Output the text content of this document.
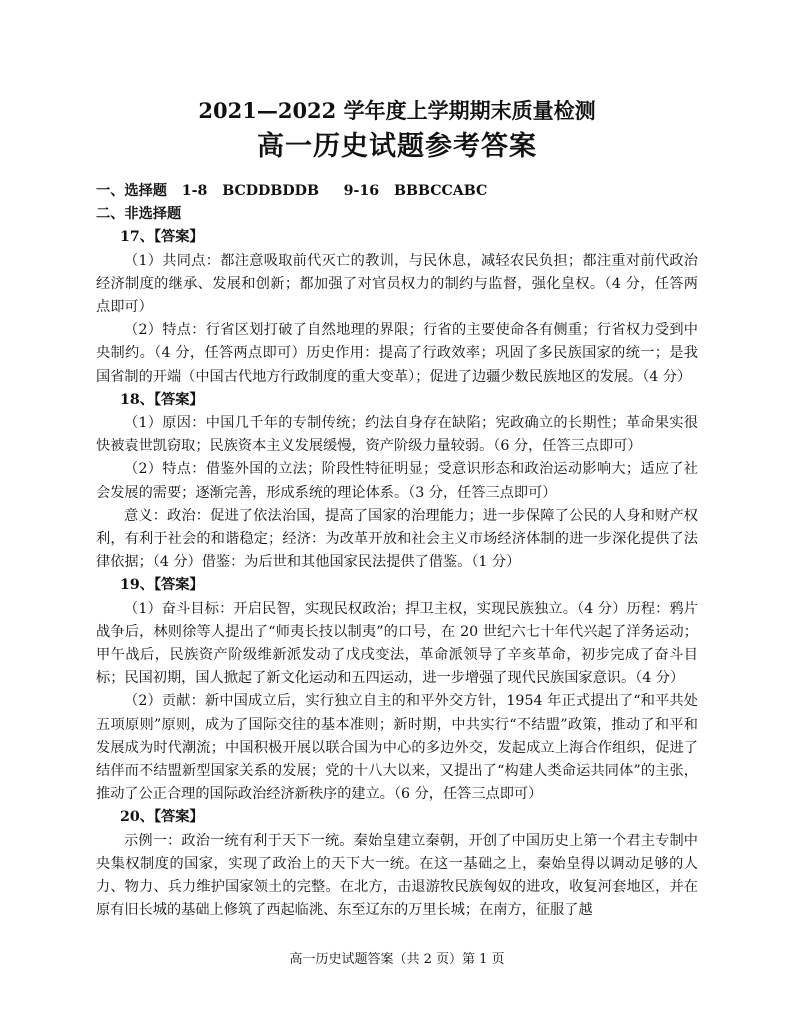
2021—2022 学年度上学期期末质量检测
高一历史试题参考答案

一、选择题   1-8   BCDDBDDB     9-16   BBBCCABC

二、非选择题

17、【答案】

（1）共同点：都注意吸取前代灭亡的教训，与民休息，减轻农民负担；都注重对前代政治经济制度的继承、发展和创新；都加强了对官员权力的制约与监督，强化皇权。（4 分，任答两点即可）

（2）特点：行省区划打破了自然地理的界限；行省的主要使命各有侧重；行省权力受到中央制约。（4 分，任答两点即可）历史作用：提高了行政效率；巩固了多民族国家的统一；是我国省制的开端（中国古代地方行政制度的重大变革）；促进了边疆少数民族地区的发展。（4 分）

18、【答案】

（1）原因：中国几千年的专制传统；约法自身存在缺陷；宪政确立的长期性；革命果实很快被袁世凯窃取；民族资本主义发展缓慢，资产阶级力量较弱。（6 分，任答三点即可）

（2）特点：借鉴外国的立法；阶段性特征明显；受意识形态和政治运动影响大；适应了社会发展的需要；逐渐完善，形成系统的理论体系。（3 分，任答三点即可）

意义：政治：促进了依法治国，提高了国家的治理能力；进一步保障了公民的人身和财产权利，有利于社会的和谐稳定；经济：为改革开放和社会主义市场经济体制的进一步深化提供了法律依据；（4 分）借鉴：为后世和其他国家民法提供了借鉴。（1 分）

19、【答案】

（1）奋斗目标：开启民智，实现民权政治；捍卫主权，实现民族独立。（4 分）历程：鸦片战争后，林则徐等人提出了“师夷长技以制夷”的口号，在 20 世纪六七十年代兴起了洋务运动；甲午战后，民族资产阶级维新派发动了戊戌变法，革命派领导了辛亥革命，初步完成了奋斗目标；民国初期，国人掀起了新文化运动和五四运动，进一步增强了现代民族国家意识。（4 分）

（2）贡献：新中国成立后，实行独立自主的和平外交方针，1954 年正式提出了“和平共处五项原则”原则，成为了国际交往的基本准则；新时期，中共实行“不结盟”政策，推动了和平和发展成为时代潮流；中国积极开展以联合国为中心的多边外交，发起成立上海合作组织，促进了结伴而不结盟新型国家关系的发展；党的十八大以来，又提出了“构建人类命运共同体”的主张，推动了公正合理的国际政治经济新秩序的建立。（6 分，任答三点即可）

20、【答案】

示例一：政治一统有利于天下一统。秦始皇建立秦朝，开创了中国历史上第一个君主专制中央集权制度的国家，实现了政治上的天下大一统。在这一基础之上，秦始皇得以调动足够的人力、物力、兵力维护国家领土的完整。在北方，击退游牧民族匈奴的进攻，收复河套地区，并在原有旧长城的基础上修筑了西起临洮、东至辽东的万里长城；在南方，征服了越

高一历史试题答案（共 2 页）第 1 页
